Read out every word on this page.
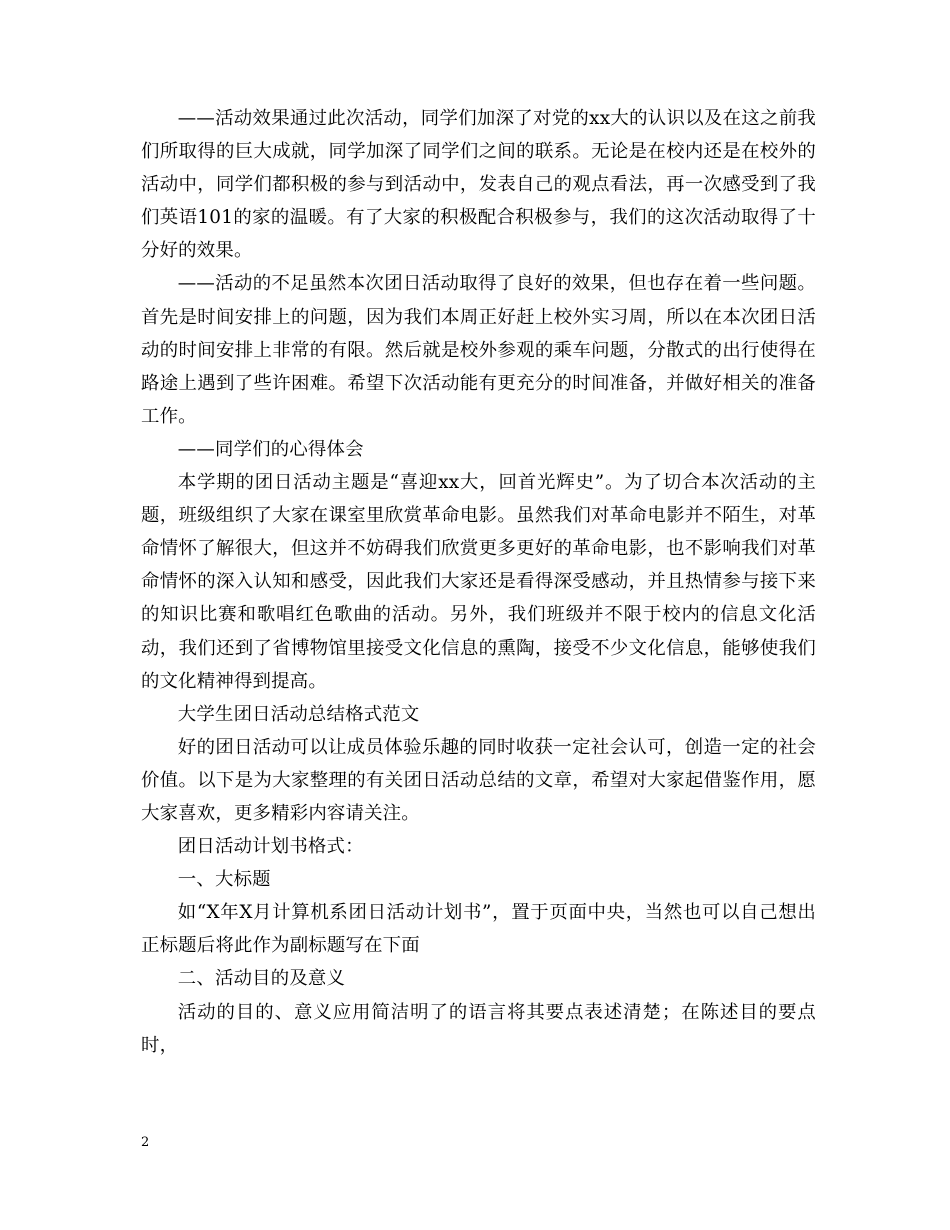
——活动效果通过此次活动，同学们加深了对党的xx大的认识以及在这之前我们所取得的巨大成就，同学加深了同学们之间的联系。无论是在校内还是在校外的活动中，同学们都积极的参与到活动中，发表自己的观点看法，再一次感受到了我们英语101的家的温暖。有了大家的积极配合积极参与，我们的这次活动取得了十分好的效果。

——活动的不足虽然本次团日活动取得了良好的效果，但也存在着一些问题。首先是时间安排上的问题，因为我们本周正好赶上校外实习周，所以在本次团日活动的时间安排上非常的有限。然后就是校外参观的乘车问题，分散式的出行使得在路途上遇到了些许困难。希望下次活动能有更充分的时间准备，并做好相关的准备工作。

——同学们的心得体会

本学期的团日活动主题是“喜迎xx大，回首光辉史”。为了切合本次活动的主题，班级组织了大家在课室里欣赏革命电影。虽然我们对革命电影并不陌生，对革命情怀了解很大，但这并不妨碍我们欣赏更多更好的革命电影，也不影响我们对革命情怀的深入认知和感受，因此我们大家还是看得深受感动，并且热情参与接下来的知识比赛和歌唱红色歌曲的活动。另外，我们班级并不限于校内的信息文化活动，我们还到了省博物馆里接受文化信息的熏陶，接受不少文化信息，能够使我们的文化精神得到提高。

大学生团日活动总结格式范文

好的团日活动可以让成员体验乐趣的同时收获一定社会认可，创造一定的社会价值。以下是为大家整理的有关团日活动总结的文章，希望对大家起借鉴作用，愿大家喜欢，更多精彩内容请关注。

团日活动计划书格式：

一、大标题

如“X年X月计算机系团日活动计划书”，置于页面中央，当然也可以自己想出正标题后将此作为副标题写在下面

二、活动目的及意义

活动的目的、意义应用简洁明了的语言将其要点表述清楚；在陈述目的要点时，

2
